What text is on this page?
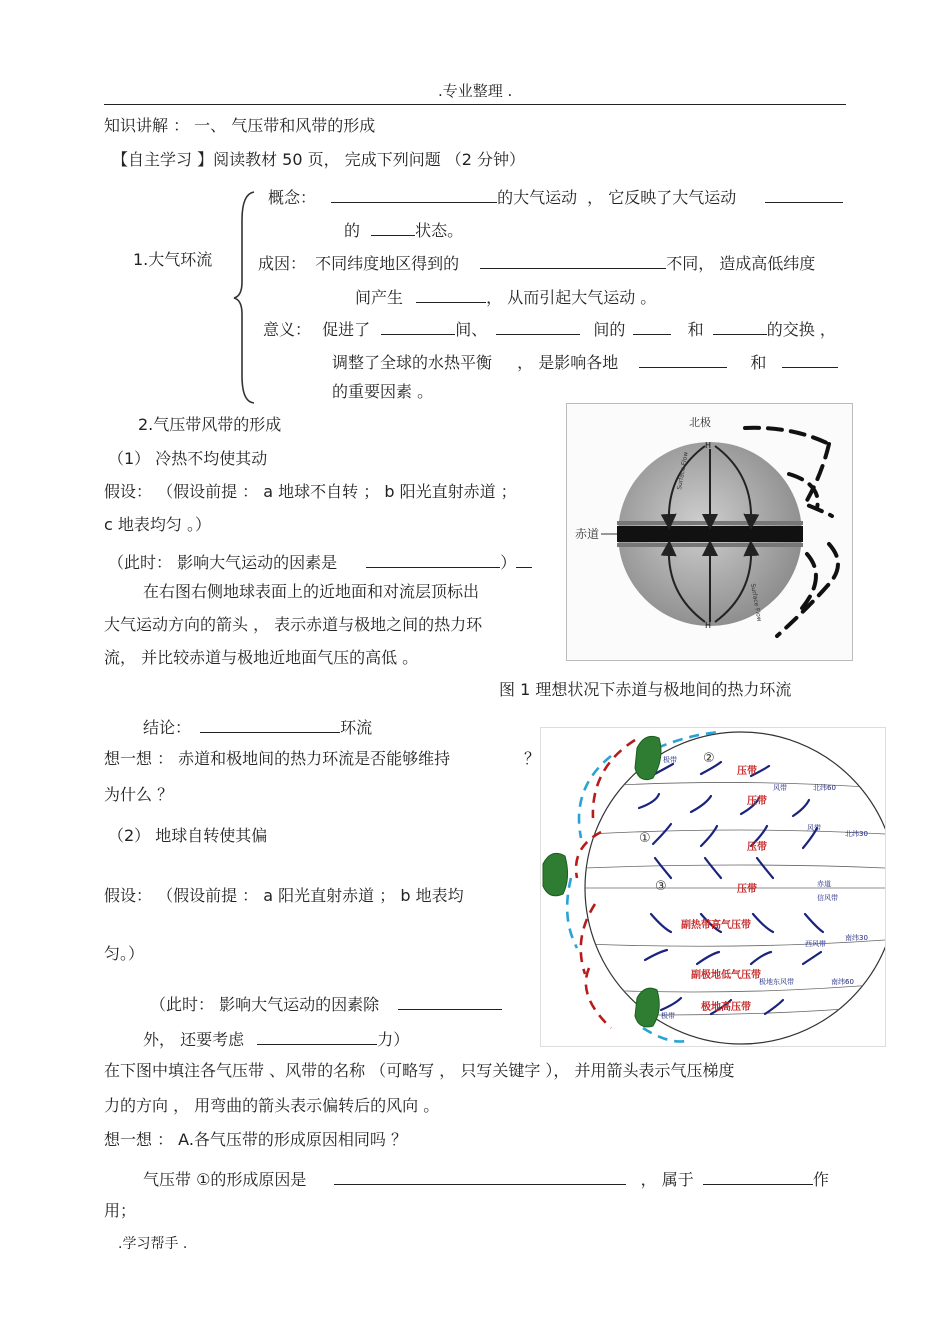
.专业整理 .
知识讲解 ： 一、 气压带和风带的形成
【自主学习 】阅读教材 50 页， 完成下列问题 （2 分钟）
1.大气环流
概念：	的大气运动 ， 它反映了大气运动
的	状态。
成因： 不同纬度地区得到的	不同， 造成高低纬度
间产生	， 从而引起大气运动 。
意义： 促进了	间、	间的	和	的交换 ，
调整了全球的水热平衡 ， 是影响各地	和
的重要因素 。
2.气压带风带的形成
（1） 冷热不均使其动
假设： （假设前提 ： a 地球不自转 ； b 阳光直射赤道 ；
c 地表均匀 。）
（此时： 影响大气运动的因素是	）
在右图右侧地球表面上的近地面和对流层顶标出
大气运动方向的箭头 ， 表示赤道与极地之间的热力环
流， 并比较赤道与极地近地面气压的高低 。
北极
H
H
赤道
Surface Flow
Surface Flow
图 1 理想状况下赤道与极地间的热力环流
结论：	环流
想一想 ： 赤道和极地间的热力环流是否能够维持	？
为什么 ？
（2） 地球自转使其偏
假设： （假设前提 ： a 阳光直射赤道 ； b 地表均
匀。）
（此时： 影响大气运动的因素除
外， 还要考虑	力）
压带
压带
压带
压带
副热带高气压带
副极地低气压带
极地高压带
北纬60
北纬30
南纬30
南纬60
风带
风带
赤道
信风带
西风带
极地东风带
极带
极带
②
①
③
在下图中填注各气压带 、风带的名称 （可略写 ， 只写关键字 ）， 并用箭头表示气压梯度
力的方向 ， 用弯曲的箭头表示偏转后的风向 。
想一想 ： A.各气压带的形成原因相同吗 ？
气压带 ①的形成原因是	， 属于	作
用；
.学习帮手 .
